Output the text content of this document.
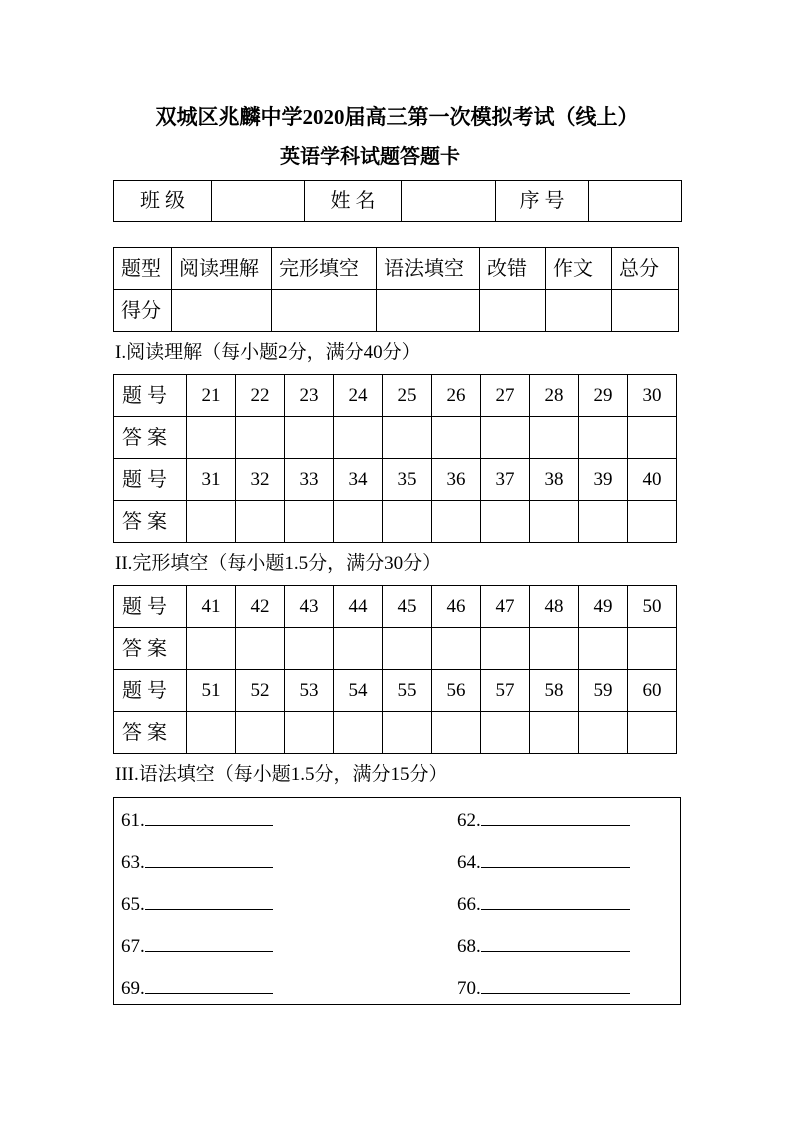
双城区兆麟中学2020届高三第一次模拟考试（线上）
英语学科试题答题卡
班 级		姓 名		序 号	
题型	阅读理解	完形填空	语法填空	改错	作文	总分
得分						
I.阅读理解（每小题2分，满分40分）
题 号	21	22	23	24	25	26	27	28	29	30
答 案										
题 号	31	32	33	34	35	36	37	38	39	40
答 案										
II.完形填空（每小题1.5分，满分30分）
题 号	41	42	43	44	45	46	47	48	49	50
答 案										
题 号	51	52	53	54	55	56	57	58	59	60
答 案										
III.语法填空（每小题1.5分，满分15分）
61.	62.
63.	64.
65.	66.
67.	68.
69.	70.
